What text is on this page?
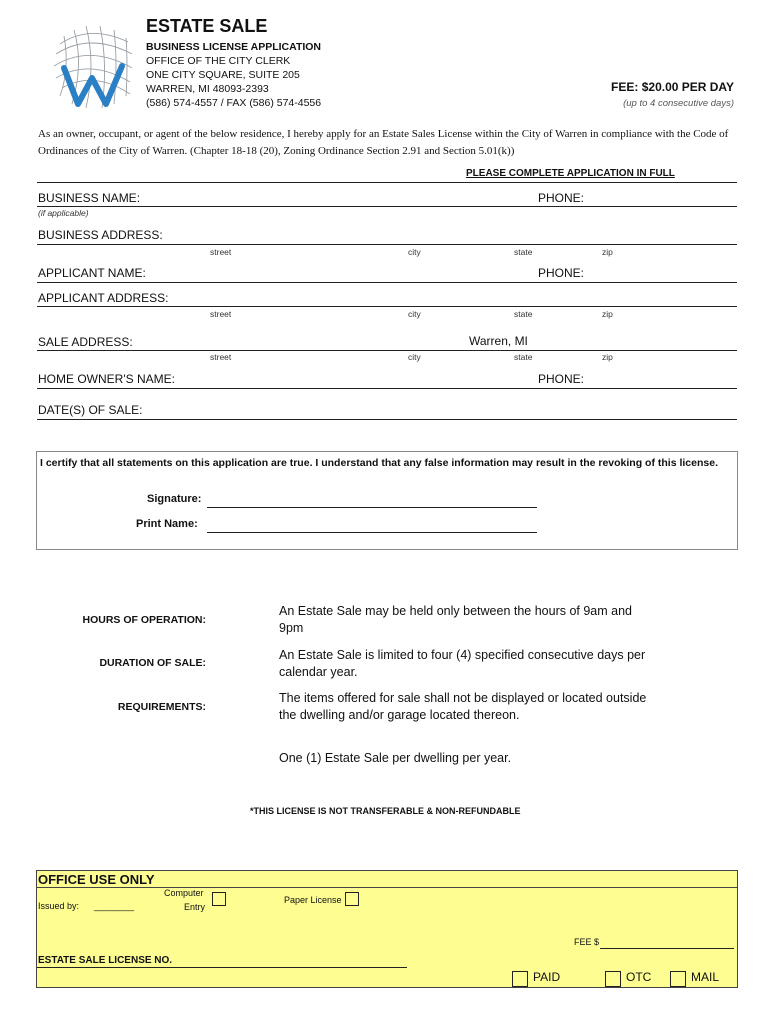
ESTATE SALE
BUSINESS LICENSE APPLICATION
OFFICE OF THE CITY CLERK
ONE CITY SQUARE, SUITE 205
WARREN, MI 48093-2393
(586) 574-4557 / FAX (586) 574-4556
FEE: $20.00 PER DAY
(up to 4 consecutive days)
As an owner, occupant, or agent of the below residence, I hereby apply for an Estate Sales License within the City of Warren in compliance with the Code of Ordinances of the City of Warren. (Chapter 18-18 (20), Zoning Ordinance Section 2.91 and Section 5.01(k))
PLEASE COMPLETE APPLICATION IN FULL
BUSINESS NAME:	PHONE:
(if applicable)
BUSINESS ADDRESS:
street	city	state	zip
APPLICANT NAME:	PHONE:
APPLICANT ADDRESS:
street	city	state	zip
SALE ADDRESS:	Warren, MI
street	city	state	zip
HOME OWNER'S NAME:	PHONE:
DATE(S) OF SALE:
I certify that all statements on this application are true. I understand that any false information may result in the revoking of this license.
Signature:
Print Name:
HOURS OF OPERATION:
An Estate Sale may be held only between the hours of 9am and 9pm
DURATION OF SALE:
An Estate Sale is limited to four (4) specified consecutive days per calendar year.
REQUIREMENTS:
The items offered for sale shall not be displayed or located outside the dwelling and/or garage located thereon.
One (1) Estate Sale per dwelling per year.
*THIS LICENSE IS NOT TRANSFERABLE & NON-REFUNDABLE
OFFICE USE ONLY
Issued by: ________
Computer
Entry
Paper License
FEE $
ESTATE SALE LICENSE NO.
PAID	OTC	MAIL
